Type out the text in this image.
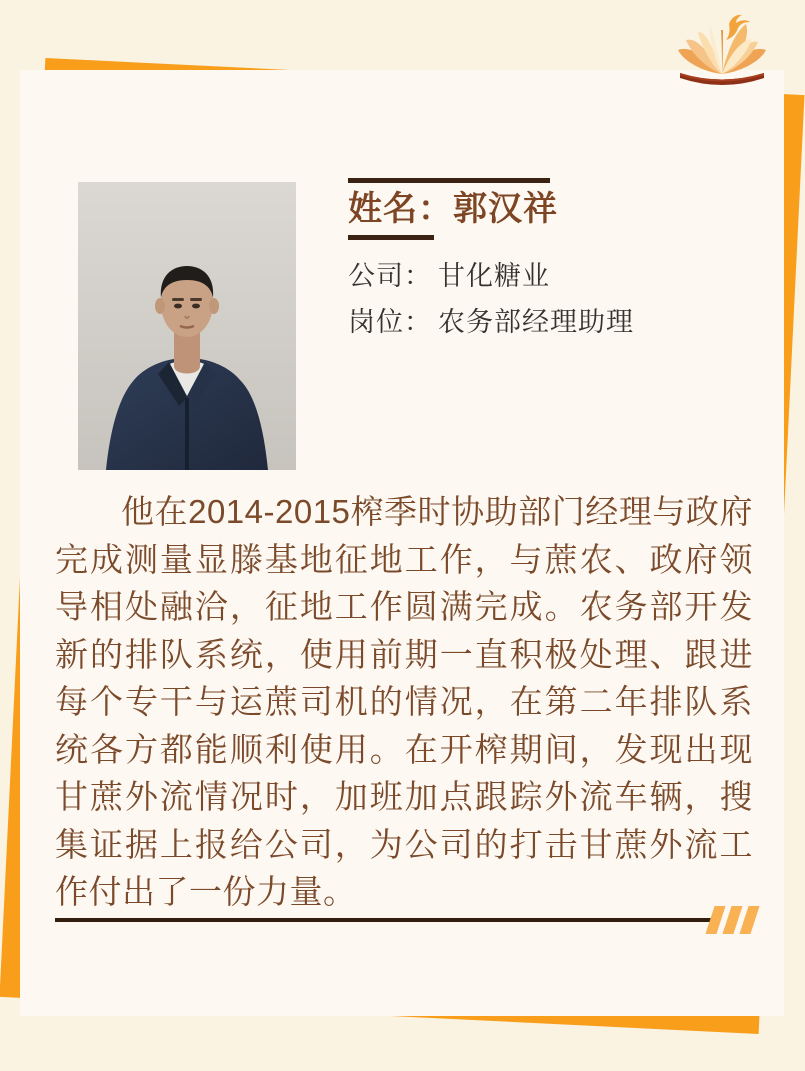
姓名：郭汉祥
公司： 甘化糖业
岗位： 农务部经理助理

他在2014-2015榨季时协助部门经理与政府完成测量显滕基地征地工作，与蔗农、政府领导相处融洽，征地工作圆满完成。农务部开发新的排队系统，使用前期一直积极处理、跟进每个专干与运蔗司机的情况，在第二年排队系统各方都能顺利使用。在开榨期间，发现出现甘蔗外流情况时，加班加点跟踪外流车辆，搜集证据上报给公司，为公司的打击甘蔗外流工作付出了一份力量。
